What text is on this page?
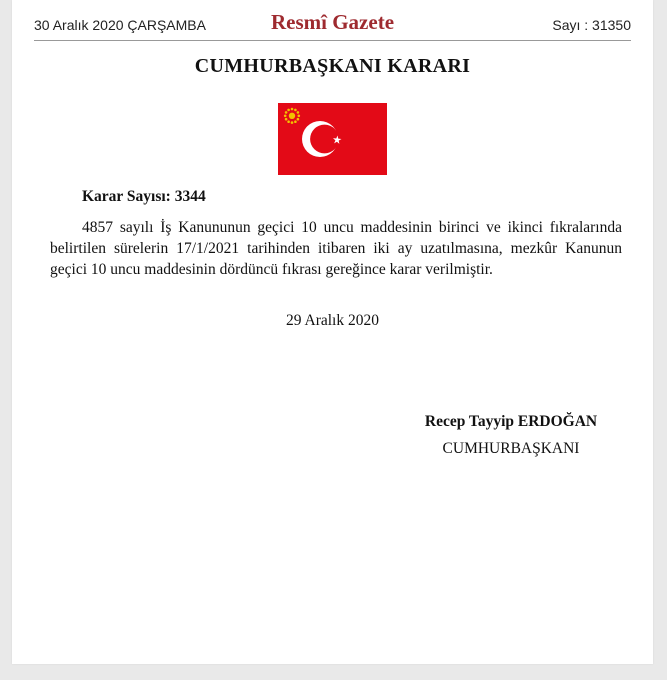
30 Aralık 2020 ÇARŞAMBA	Resmî Gazete	Sayı : 31350
CUMHURBAŞKANI KARARI
Karar Sayısı: 3344
4857 sayılı İş Kanununun geçici 10 uncu maddesinin birinci ve ikinci fıkralarında belirtilen sürelerin 17/1/2021 tarihinden itibaren iki ay uzatılmasına, mezkûr Kanunun geçici 10 uncu maddesinin dördüncü fıkrası gereğince karar verilmiştir.
29 Aralık 2020
Recep Tayyip ERDOĞAN
CUMHURBAŞKANI
